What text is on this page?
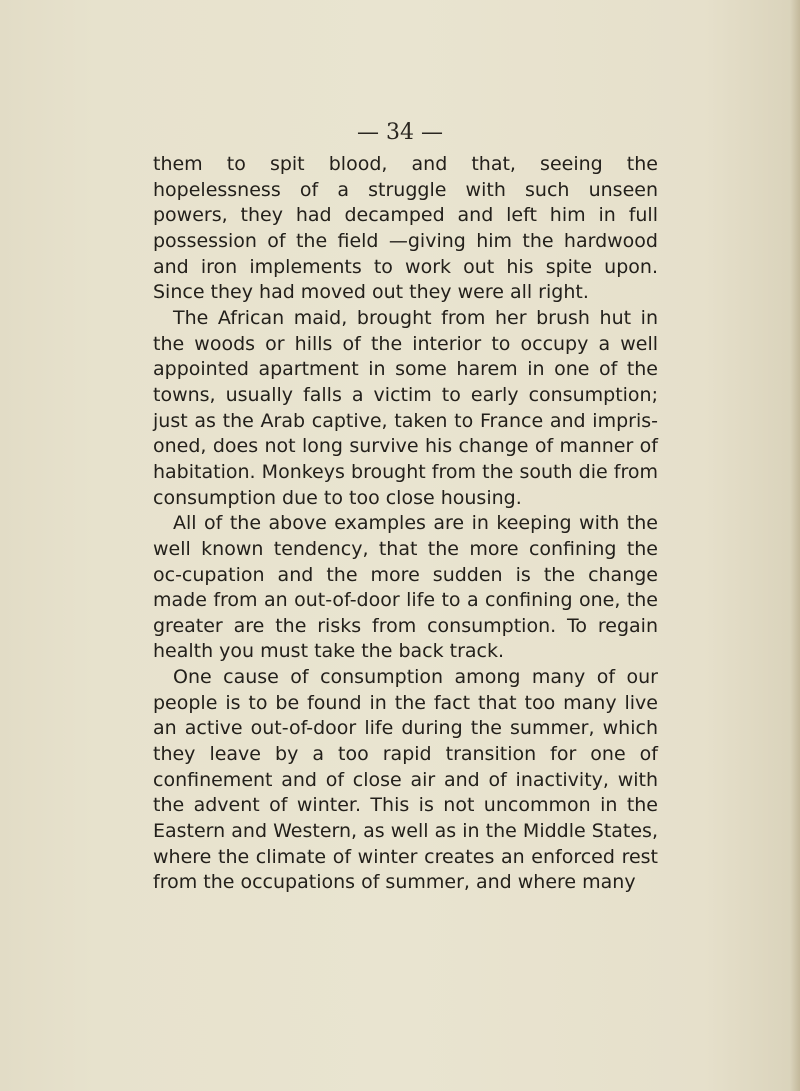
— 34 —

them to spit blood, and that, seeing the hopelessness of a struggle with such unseen powers, they had decamped and left him in full possession of the field —giving him the hardwood and iron implements to work out his spite upon. Since they had moved out they were all right.

The African maid, brought from her brush hut in the woods or hills of the interior to occupy a well appointed apartment in some harem in one of the towns, usually falls a victim to early consumption; just as the Arab captive, taken to France and impris-oned, does not long survive his change of manner of habitation. Monkeys brought from the south die from consumption due to too close housing.

All of the above examples are in keeping with the well known tendency, that the more confining the oc-cupation and the more sudden is the change made from an out-of-door life to a confining one, the greater are the risks from consumption. To regain health you must take the back track.

One cause of consumption among many of our people is to be found in the fact that too many live an active out-of-door life during the summer, which they leave by a too rapid transition for one of confinement and of close air and of inactivity, with the advent of winter. This is not uncommon in the Eastern and Western, as well as in the Middle States, where the climate of winter creates an enforced rest from the occupations of summer, and where many
